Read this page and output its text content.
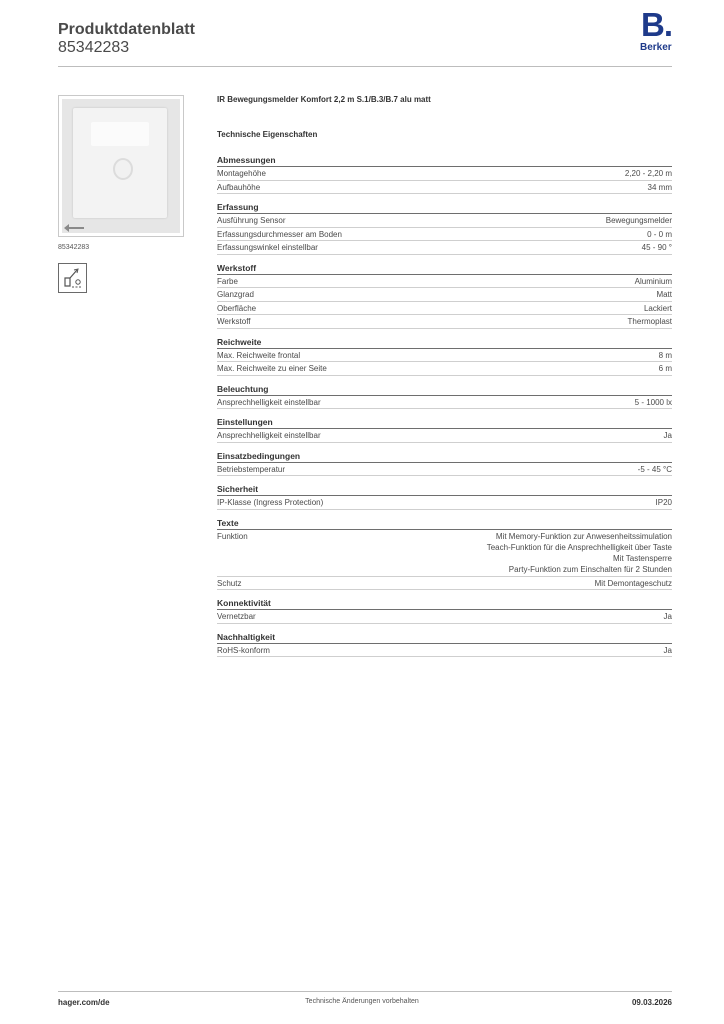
Produktdatenblatt
85342283
B.
Berker
85342283
IR Bewegungsmelder Komfort 2,2 m S.1/B.3/B.7 alu matt
Technische Eigenschaften
Abmessungen
Montagehöhe	2,20 - 2,20 m
Aufbauhöhe	34 mm
Erfassung
Ausführung Sensor	Bewegungsmelder
Erfassungsdurchmesser am Boden	0 - 0 m
Erfassungswinkel einstellbar	45 - 90 °
Werkstoff
Farbe	Aluminium
Glanzgrad	Matt
Oberfläche	Lackiert
Werkstoff	Thermoplast
Reichweite
Max. Reichweite frontal	8 m
Max. Reichweite zu einer Seite	6 m
Beleuchtung
Ansprechhelligkeit einstellbar	5 - 1000 lx
Einstellungen
Ansprechhelligkeit einstellbar	Ja
Einsatzbedingungen
Betriebstemperatur	-5 - 45 °C
Sicherheit
IP-Klasse (Ingress Protection)	IP20
Texte
Funktion	Mit Memory-Funktion zur Anwesenheitssimulation
Teach-Funktion für die Ansprechhelligkeit über Taste
Mit Tastensperre
Party-Funktion zum Einschalten für 2 Stunden
Schutz	Mit Demontageschutz
Konnektivität
Vernetzbar	Ja
Nachhaltigkeit
RoHS-konform	Ja
hager.com/de	Technische Änderungen vorbehalten	09.03.2026
